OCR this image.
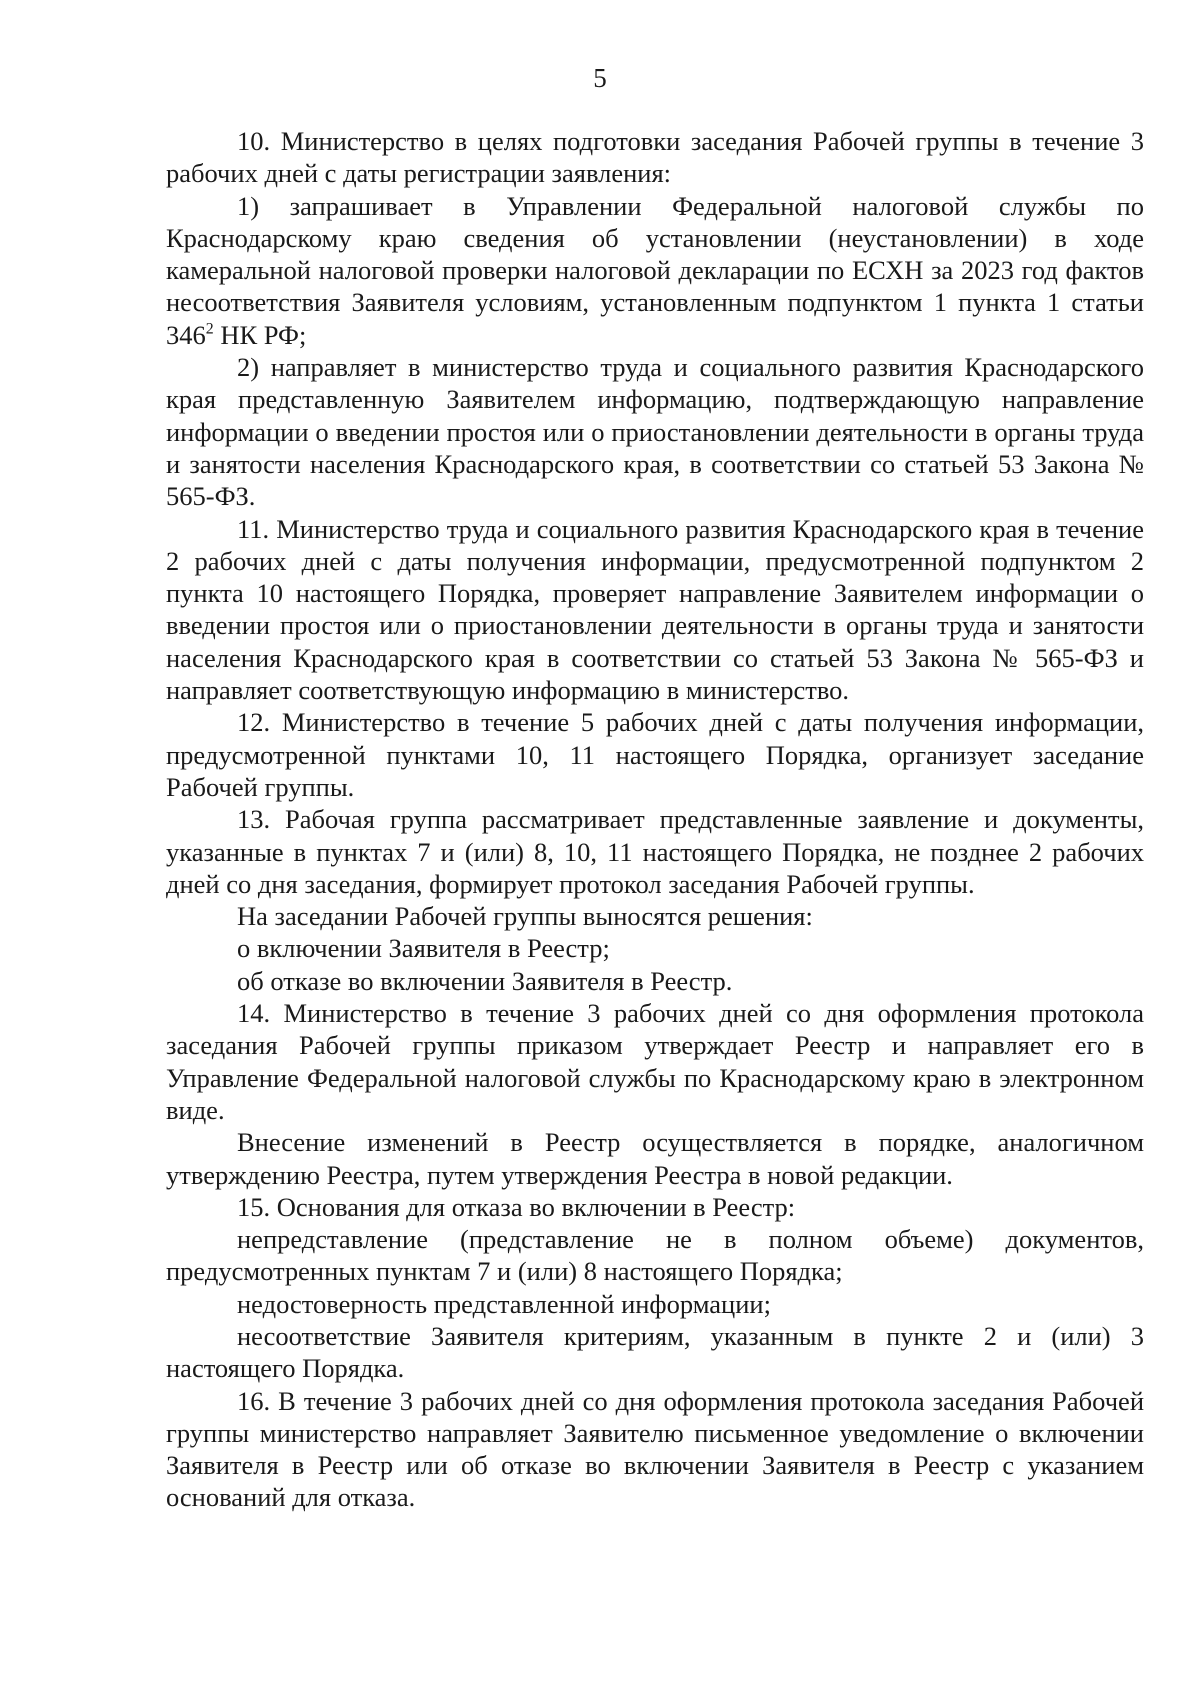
5

10. Министерство в целях подготовки заседания Рабочей группы в течение 3 рабочих дней с даты регистрации заявления:

1) запрашивает в Управлении Федеральной налоговой службы по Краснодарскому краю сведения об установлении (неустановлении) в ходе камеральной налоговой проверки налоговой декларации по ЕСХН за 2023 год фактов несоответствия Заявителя условиям, установленным подпунктом 1 пункта 1 статьи $346^2$ НК РФ;

2) направляет в министерство труда и социального развития Краснодарского края представленную Заявителем информацию, подтверждающую направление информации о введении простоя или о приостановлении деятельности в органы труда и занятости населения Краснодарского края, в соответствии со статьей 53 Закона № 565-ФЗ.

11. Министерство труда и социального развития Краснодарского края в течение 2 рабочих дней с даты получения информации, предусмотренной подпунктом 2 пункта 10 настоящего Порядка, проверяет направление Заявителем информации о введении простоя или о приостановлении деятельности в органы труда и занятости населения Краснодарского края в соответствии со статьей 53 Закона № 565-ФЗ и направляет соответствующую информацию в министерство.

12. Министерство в течение 5 рабочих дней с даты получения информации, предусмотренной пунктами 10, 11 настоящего Порядка, организует заседание Рабочей группы.

13. Рабочая группа рассматривает представленные заявление и документы, указанные в пунктах 7 и (или) 8, 10, 11 настоящего Порядка, не позднее 2 рабочих дней со дня заседания, формирует протокол заседания Рабочей группы.

На заседании Рабочей группы выносятся решения:

о включении Заявителя в Реестр;

об отказе во включении Заявителя в Реестр.

14. Министерство в течение 3 рабочих дней со дня оформления протокола заседания Рабочей группы приказом утверждает Реестр и направляет его в Управление Федеральной налоговой службы по Краснодарскому краю в электронном виде.

Внесение изменений в Реестр осуществляется в порядке, аналогичном утверждению Реестра, путем утверждения Реестра в новой редакции.

15. Основания для отказа во включении в Реестр:

непредставление (представление не в полном объеме) документов, предусмотренных пунктам 7 и (или) 8 настоящего Порядка;

недостоверность представленной информации;

несоответствие Заявителя критериям, указанным в пункте 2 и (или) 3 настоящего Порядка.

16. В течение 3 рабочих дней со дня оформления протокола заседания Рабочей группы министерство направляет Заявителю письменное уведомление о включении Заявителя в Реестр или об отказе во включении Заявителя в Реестр с указанием оснований для отказа.
